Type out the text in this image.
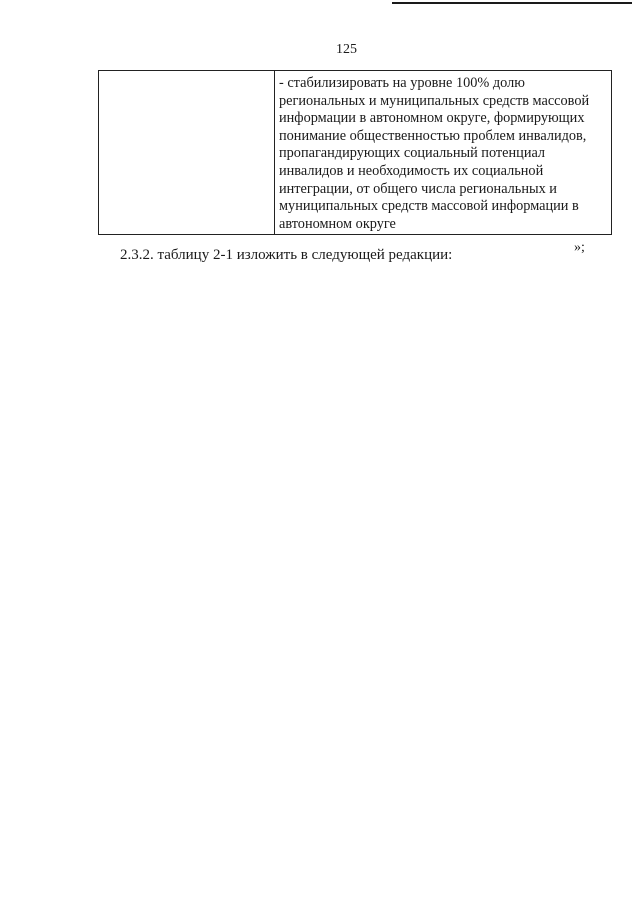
125
- стабилизировать на уровне 100% долю
региональных и муниципальных средств массовой
информации в автономном округе, формирующих
понимание общественностью проблем инвалидов,
пропагандирующих социальный потенциал
инвалидов и необходимость их социальной
интеграции, от общего числа региональных и
муниципальных средств массовой информации в
автономном округе
»;
2.3.2. таблицу 2-1 изложить в следующей редакции:
